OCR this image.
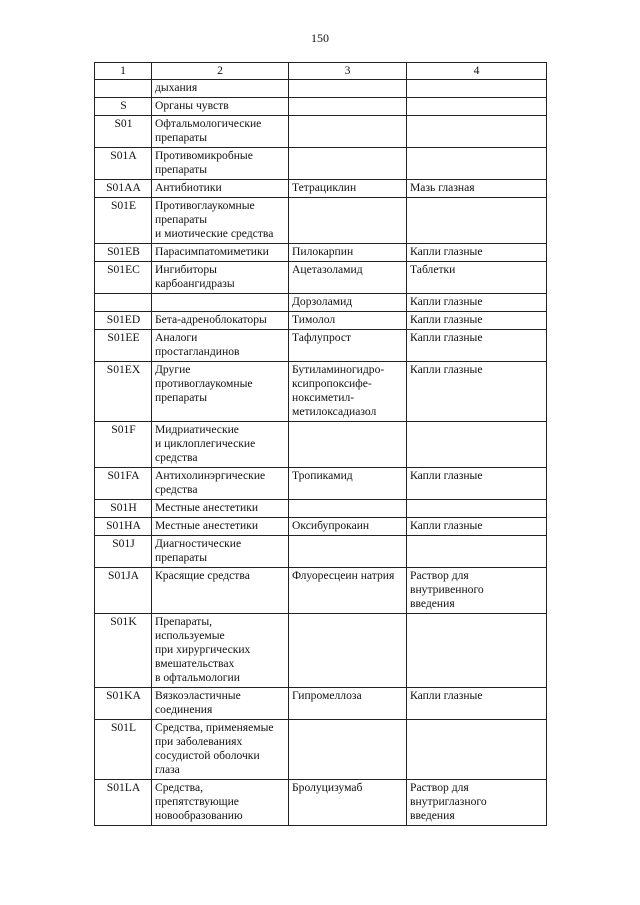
150
1	2	3	4
	дыхания		
S	Органы чувств		
S01	Офтальмологические
препараты		
S01A	Противомикробные
препараты		
S01AA	Антибиотики	Тетрациклин	Мазь глазная
S01E	Противоглаукомные
препараты
и миотические средства		
S01EB	Парасимпатомиметики	Пилокарпин	Капли глазные
S01EC	Ингибиторы
карбоангидразы	Ацетазоламид	Таблетки
		Дорзоламид	Капли глазные
S01ED	Бета-адреноблокаторы	Тимолол	Капли глазные
S01EE	Аналоги
простагландинов	Тафлупрост	Капли глазные
S01EX	Другие
противоглаукомные
препараты	Бутиламиногидро-
ксипропоксифе-
ноксиметил-
метилоксадиазол	Капли глазные
S01F	Мидриатические
и циклоплегические
средства		
S01FA	Антихолинэргические
средства	Тропикамид	Капли глазные
S01H	Местные анестетики		
S01HA	Местные анестетики	Оксибупрокаин	Капли глазные
S01J	Диагностические
препараты		
S01JA	Красящие средства	Флуоресцеин натрия	Раствор для внутривенного
введения
S01K	Препараты,
используемые
при хирургических
вмешательствах
в офтальмологии		
S01KA	Вязкоэластичные
соединения	Гипромеллоза	Капли глазные
S01L	Средства, применяемые
при заболеваниях
сосудистой оболочки
глаза		
S01LA	Средства,
препятствующие
новообразованию	Бролуцизумаб	Раствор для внутриглазного
введения
